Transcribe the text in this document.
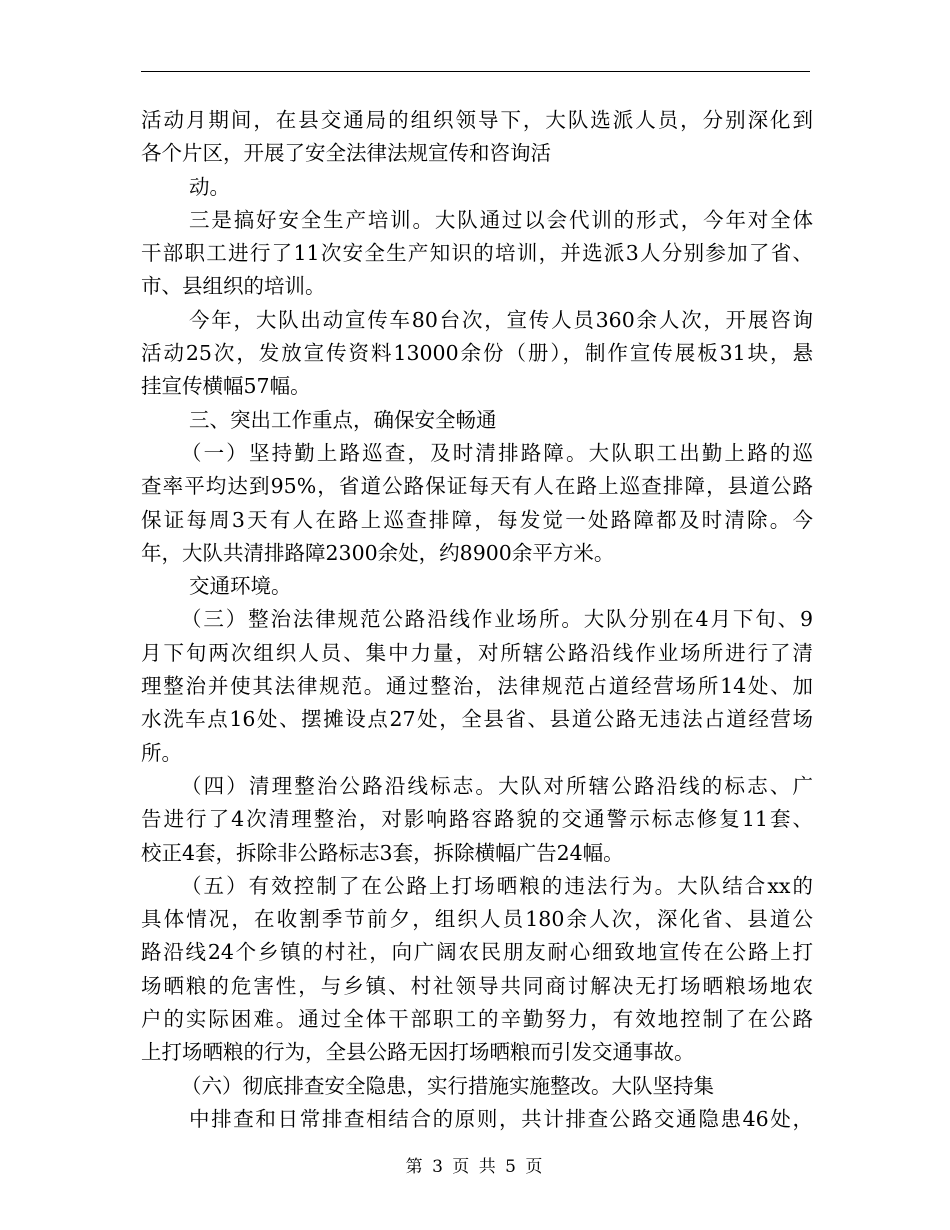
活动月期间，在县交通局的组织领导下，大队选派人员，分别深化到
各个片区，开展了安全法律法规宣传和咨询活
动。
三是搞好安全生产培训。大队通过以会代训的形式，今年对全体
干部职工进行了11次安全生产知识的培训，并选派3人分别参加了省、
市、县组织的培训。
今年，大队出动宣传车80台次，宣传人员360余人次，开展咨询
活动25次，发放宣传资料13000余份（册），制作宣传展板31块，悬
挂宣传横幅57幅。
三、突出工作重点，确保安全畅通
（一）坚持勤上路巡查，及时清排路障。大队职工出勤上路的巡
查率平均达到95%，省道公路保证每天有人在路上巡查排障，县道公路
保证每周3天有人在路上巡查排障，每发觉一处路障都及时清除。今
年，大队共清排路障2300余处，约8900余平方米。
交通环境。
（三）整治法律规范公路沿线作业场所。大队分别在4月下旬、9
月下旬两次组织人员、集中力量，对所辖公路沿线作业场所进行了清
理整治并使其法律规范。通过整治，法律规范占道经营场所14处、加
水洗车点16处、摆摊设点27处，全县省、县道公路无违法占道经营场
所。
（四）清理整治公路沿线标志。大队对所辖公路沿线的标志、广
告进行了4次清理整治，对影响路容路貌的交通警示标志修复11套、
校正4套，拆除非公路标志3套，拆除横幅广告24幅。
（五）有效控制了在公路上打场晒粮的违法行为。大队结合xx的
具体情况，在收割季节前夕，组织人员180余人次，深化省、县道公
路沿线24个乡镇的村社，向广阔农民朋友耐心细致地宣传在公路上打
场晒粮的危害性，与乡镇、村社领导共同商讨解决无打场晒粮场地农
户的实际困难。通过全体干部职工的辛勤努力，有效地控制了在公路
上打场晒粮的行为，全县公路无因打场晒粮而引发交通事故。
（六）彻底排查安全隐患，实行措施实施整改。大队坚持集
中排查和日常排查相结合的原则，共计排查公路交通隐患46处，
第 3 页 共 5 页
